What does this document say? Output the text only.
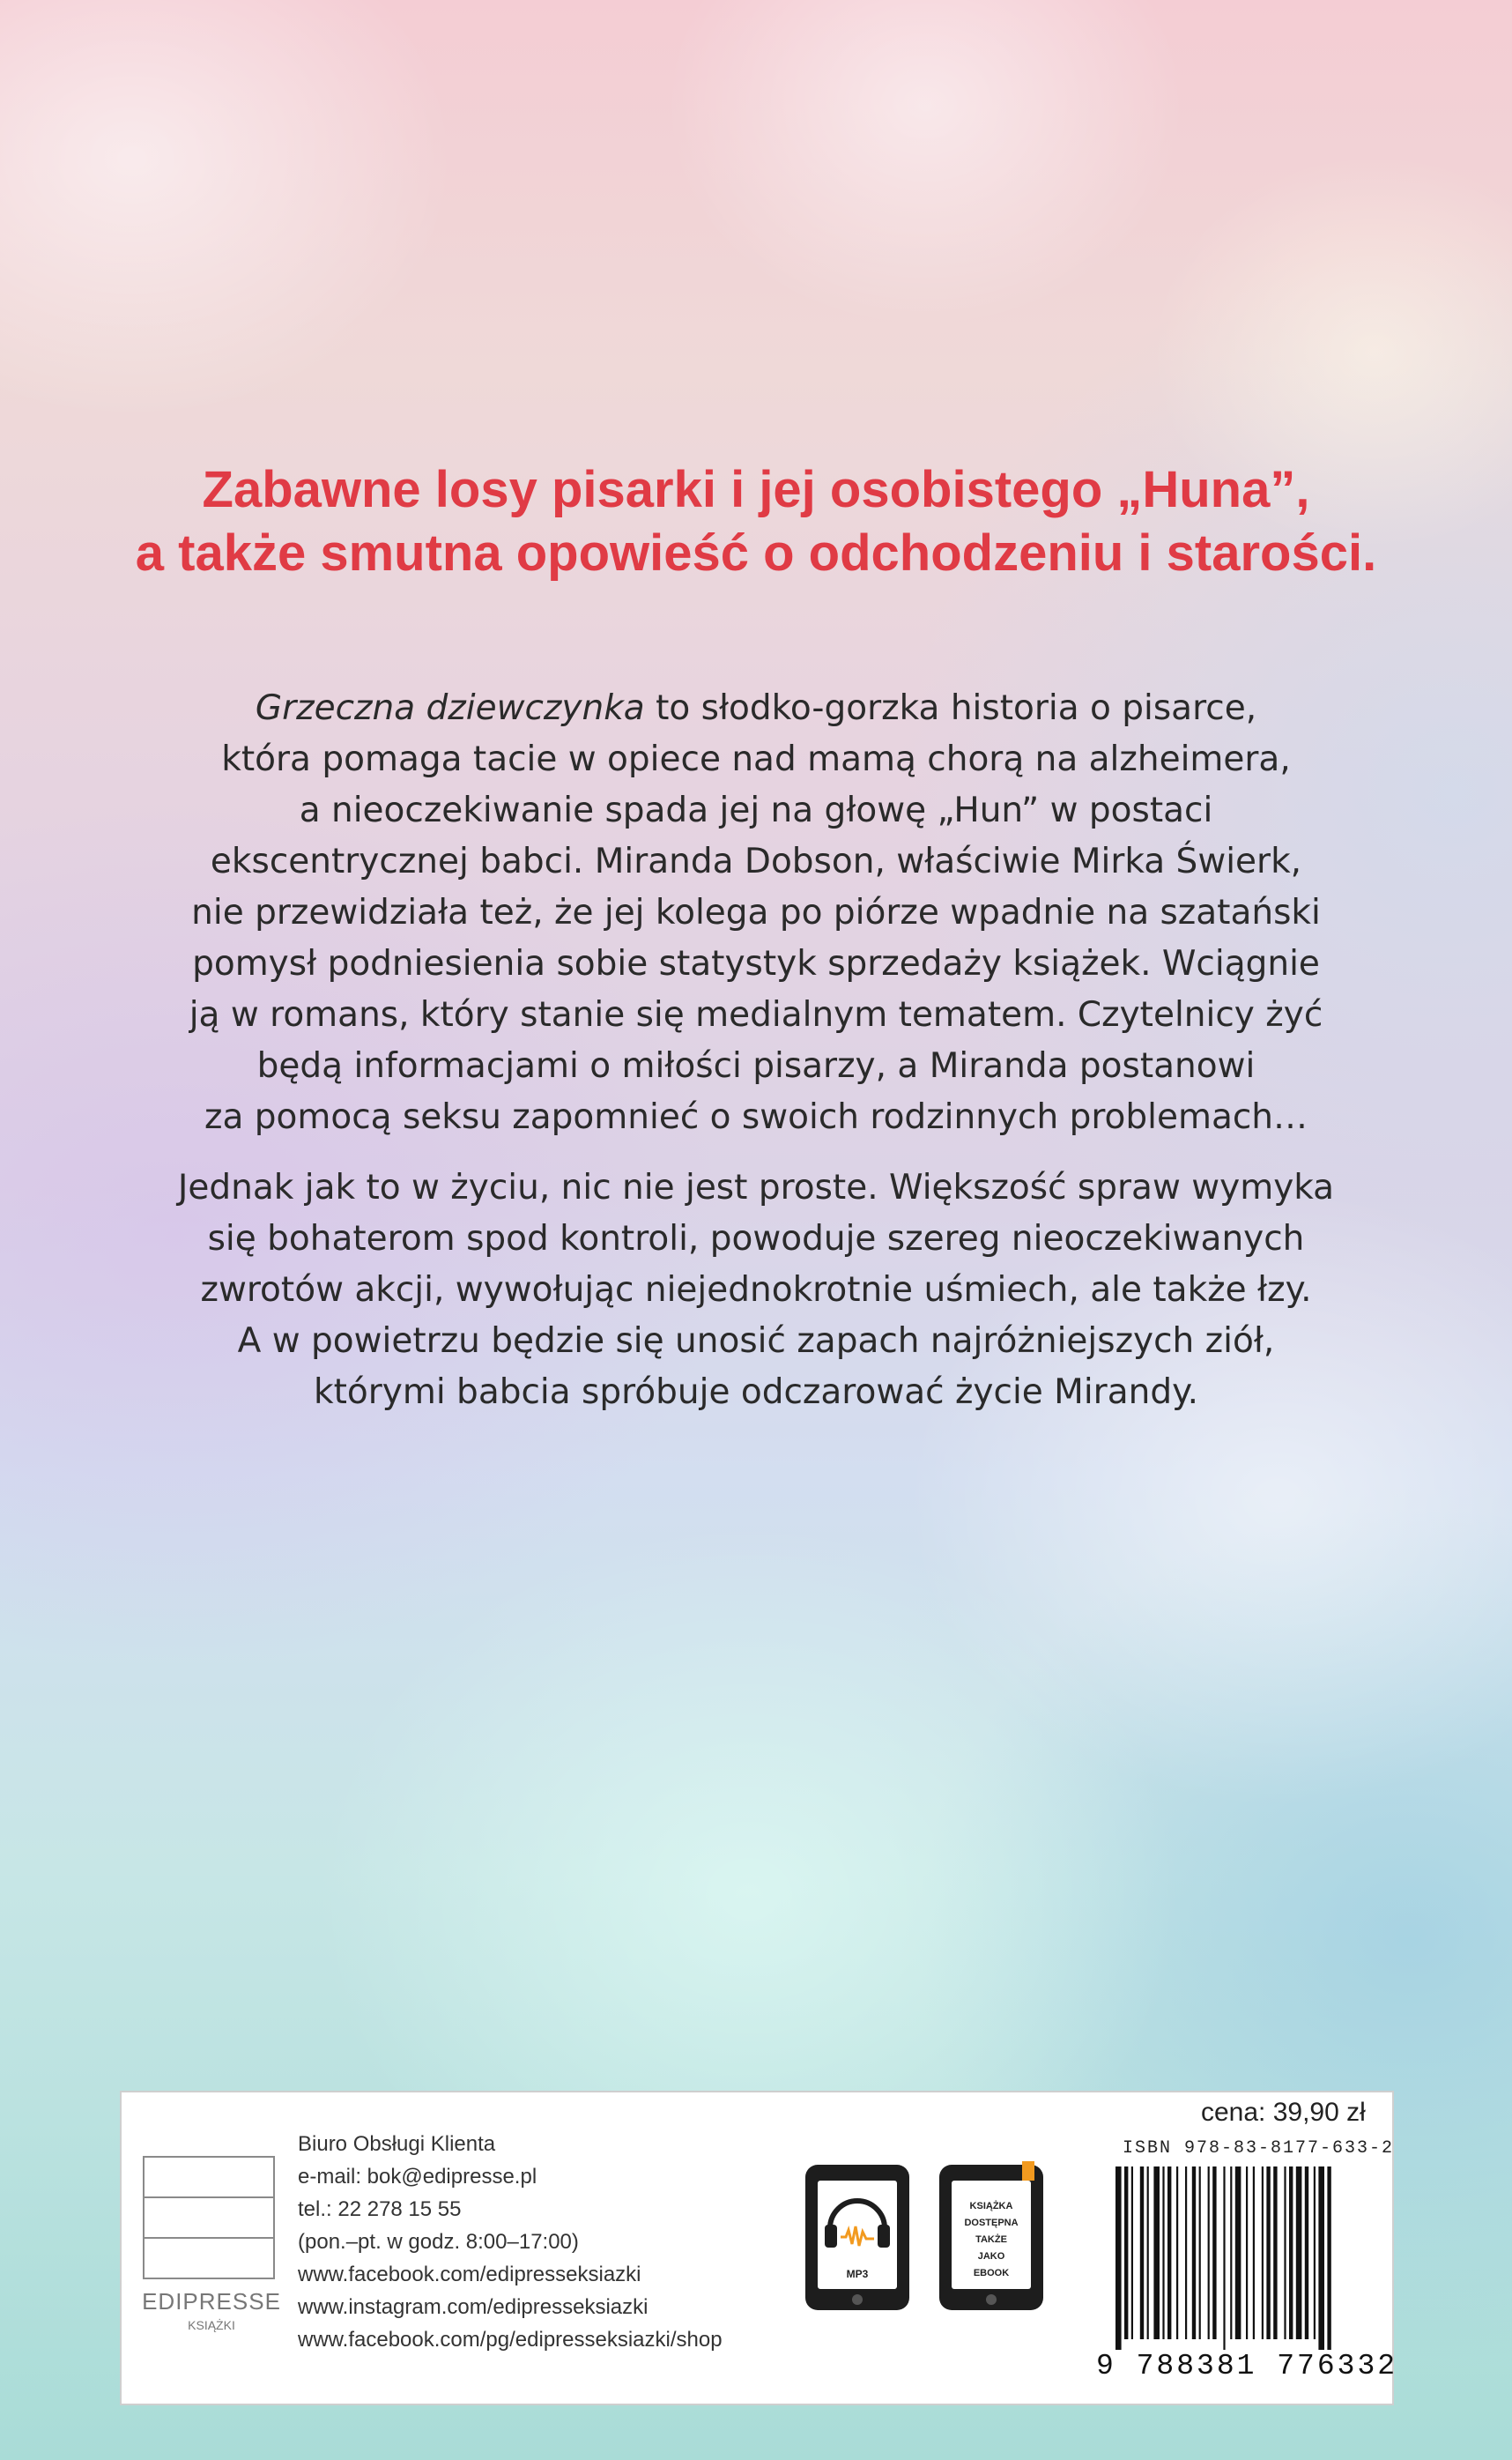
Zabawne losy pisarki i jej osobistego „Huna”,
a także smutna opowieść o odchodzeniu i starości.
Grzeczna dziewczynka to słodko-gorzka historia o pisarce,
która pomaga tacie w opiece nad mamą chorą na alzheimera,
a nieoczekiwanie spada jej na głowę „Hun” w postaci
ekscentrycznej babci. Miranda Dobson, właściwie Mirka Świerk,
nie przewidziała też, że jej kolega po piórze wpadnie na szatański
pomysł podniesienia sobie statystyk sprzedaży książek. Wciągnie
ją w romans, który stanie się medialnym tematem. Czytelnicy żyć
będą informacjami o miłości pisarzy, a Miranda postanowi
za pomocą seksu zapomnieć o swoich rodzinnych problemach…
Jednak jak to w życiu, nic nie jest proste. Większość spraw wymyka
się bohaterom spod kontroli, powoduje szereg nieoczekiwanych
zwrotów akcji, wywołując niejednokrotnie uśmiech, ale także łzy.
A w powietrzu będzie się unosić zapach najróżniejszych ziół,
którymi babcia spróbuje odczarować życie Mirandy.
EDIPRESSE
KSIĄŻKI
Biuro Obsługi Klienta
e-mail: bok@edipresse.pl
tel.: 22 278 15 55
(pon.–pt. w godz. 8:00–17:00)
www.facebook.com/edipresseksiazki
www.instagram.com/edipresseksiazki
www.facebook.com/pg/edipresseksiazki/shop
MP3
KSIĄŻKA
DOSTĘPNA
TAKŻE
JAKO
EBOOK
cena: 39,90 zł
ISBN 978-83-8177-633-2
9 788381 776332
